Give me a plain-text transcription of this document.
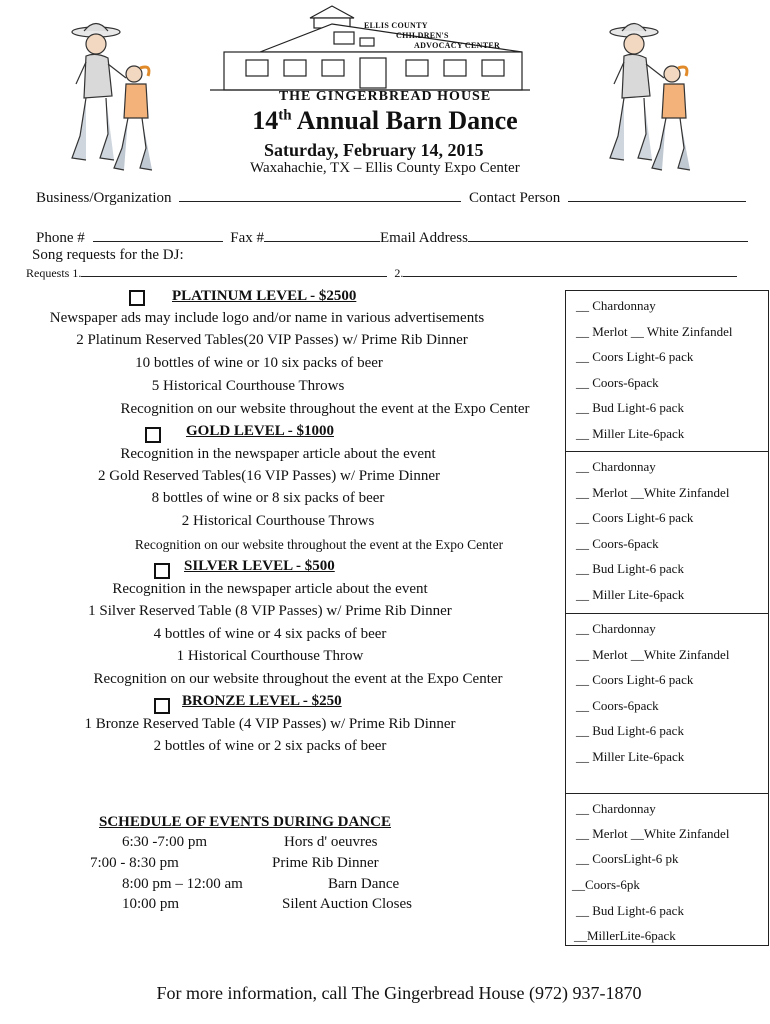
ELLIS COUNTY
CHILDREN'S
ADVOCACY CENTER
THE GINGERBREAD HOUSE
14th Annual Barn Dance
Saturday, February 14, 2015
Waxahachie, TX – Ellis County Expo Center
Business/Organization	Contact Person
Phone #	Fax #	Email Address
Song requests for the DJ:
Requests 1.	2.
PLATINUM LEVEL - $2500
Newspaper ads may include logo and/or name in various advertisements
2 Platinum Reserved Tables(20 VIP Passes) w/ Prime Rib Dinner
10 bottles of wine or 10 six packs of beer
5 Historical Courthouse Throws
Recognition on our website throughout the event at the Expo Center
GOLD LEVEL - $1000
Recognition in the newspaper article about the event
2 Gold Reserved Tables(16 VIP Passes) w/ Prime Dinner
8 bottles of wine or 8 six packs of beer
2 Historical Courthouse Throws
Recognition on our website throughout the event at the Expo Center
SILVER LEVEL - $500
Recognition in the newspaper article about the event
1 Silver Reserved Table (8 VIP Passes) w/ Prime Rib Dinner
4 bottles of wine or 4 six packs of beer
1 Historical Courthouse Throw
Recognition on our website throughout the event at the Expo Center
BRONZE LEVEL - $250
1 Bronze Reserved Table (4 VIP Passes) w/ Prime Rib Dinner
2 bottles of wine or 2 six packs of beer
__ Chardonnay
__ Merlot __ White Zinfandel
__ Coors Light-6 pack
__ Coors-6pack
__ Bud Light-6 pack
__ Miller Lite-6pack
__ Chardonnay
__ Merlot __White Zinfandel
__ Coors Light-6 pack
__ Coors-6pack
__ Bud Light-6 pack
__ Miller Lite-6pack
__ Chardonnay
__ Merlot __White Zinfandel
__ Coors Light-6 pack
__ Coors-6pack
__ Bud Light-6 pack
__ Miller Lite-6pack
__ Chardonnay
__ Merlot __White Zinfandel
__ CoorsLight-6 pk
__Coors-6pk
__ Bud Light-6 pack
__MillerLite-6pack
SCHEDULE OF EVENTS DURING DANCE
6:30 -7:00 pm	Hors d' oeuvres
7:00 - 8:30 pm	Prime Rib Dinner
8:00 pm – 12:00 am	Barn Dance
10:00 pm	Silent Auction Closes
For more information, call The Gingerbread House (972) 937-1870
